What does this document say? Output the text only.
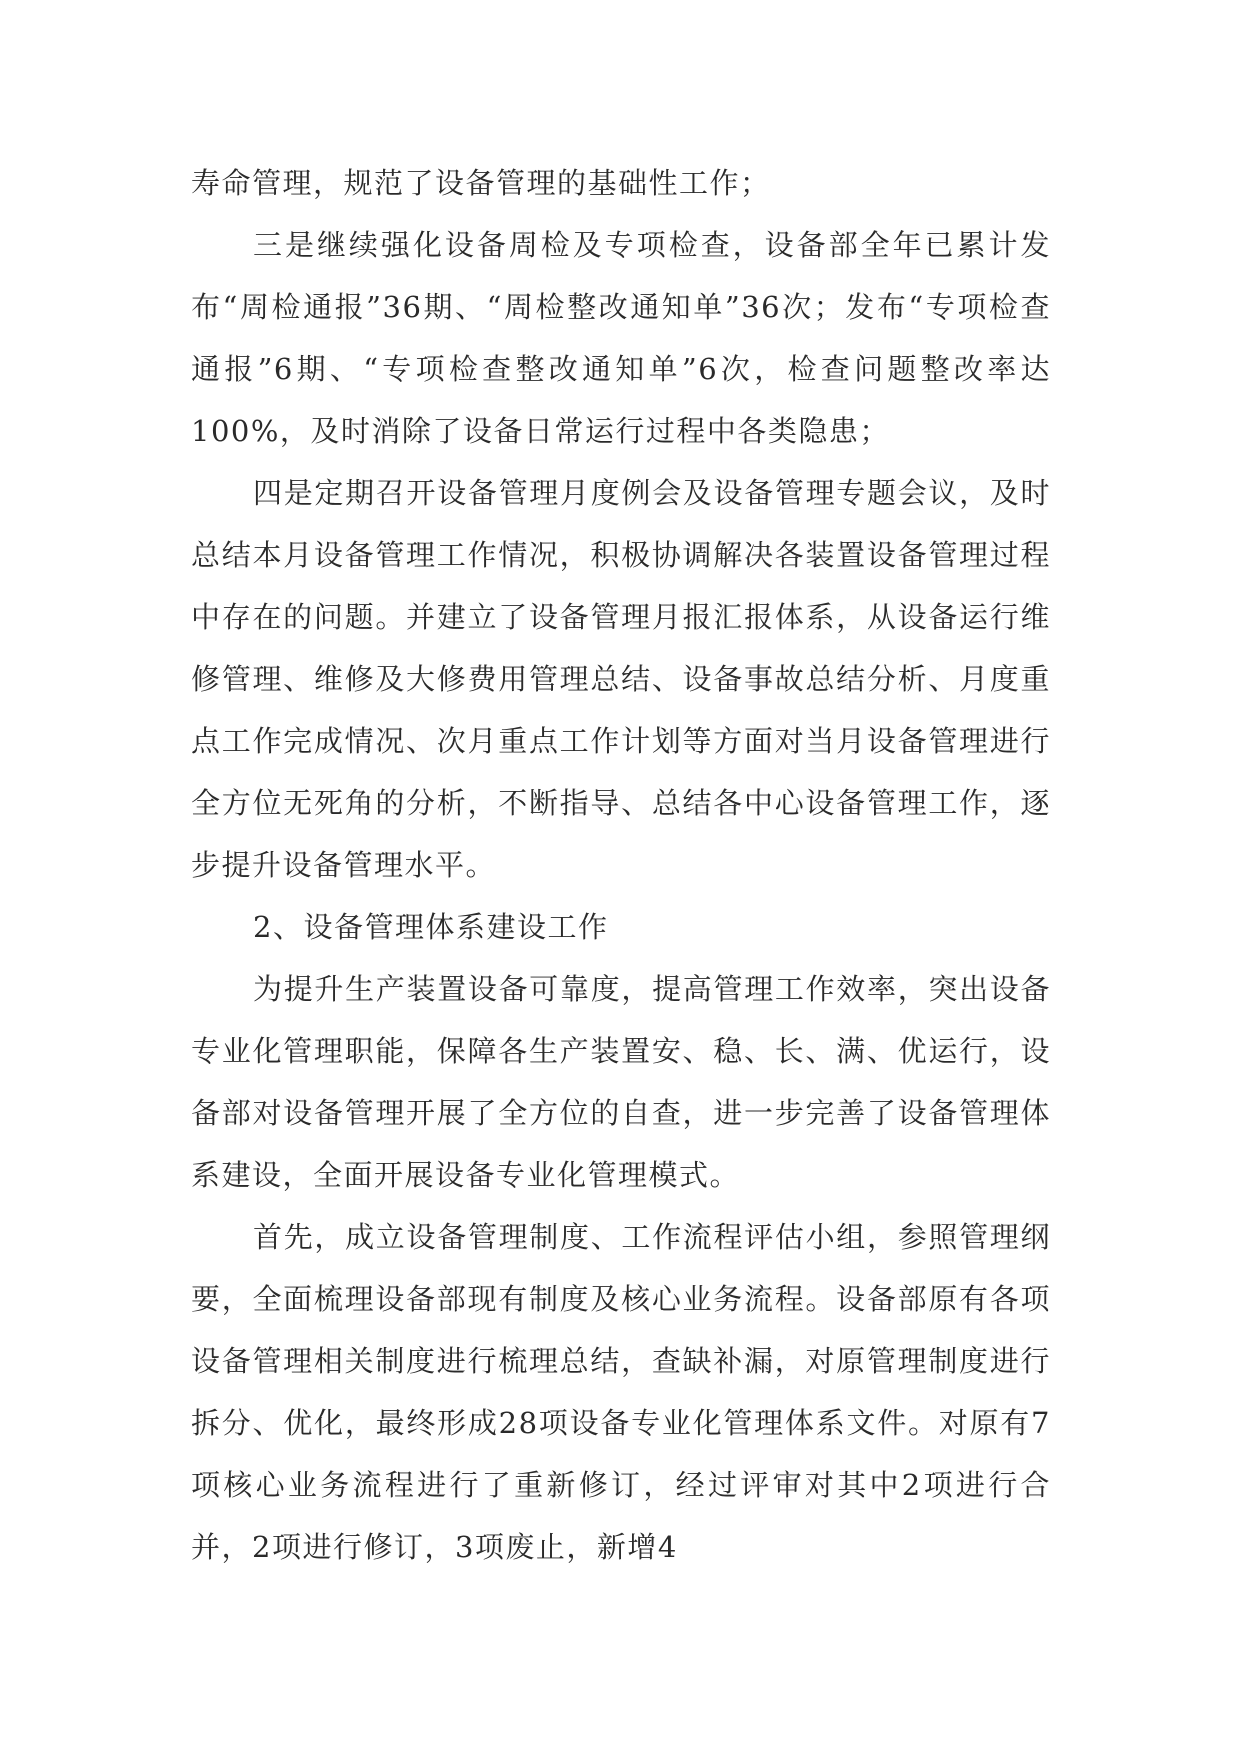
寿命管理，规范了设备管理的基础性工作；

三是继续强化设备周检及专项检查，设备部全年已累计发布“周检通报”36期、“周检整改通知单”36次；发布“专项检查通报”6期、“专项检查整改通知单”6次，检查问题整改率达100%，及时消除了设备日常运行过程中各类隐患；

四是定期召开设备管理月度例会及设备管理专题会议，及时总结本月设备管理工作情况，积极协调解决各装置设备管理过程中存在的问题。并建立了设备管理月报汇报体系，从设备运行维修管理、维修及大修费用管理总结、设备事故总结分析、月度重点工作完成情况、次月重点工作计划等方面对当月设备管理进行全方位无死角的分析，不断指导、总结各中心设备管理工作，逐步提升设备管理水平。

2、设备管理体系建设工作

为提升生产装置设备可靠度，提高管理工作效率，突出设备专业化管理职能，保障各生产装置安、稳、长、满、优运行，设备部对设备管理开展了全方位的自查，进一步完善了设备管理体系建设，全面开展设备专业化管理模式。

首先，成立设备管理制度、工作流程评估小组，参照管理纲要，全面梳理设备部现有制度及核心业务流程。设备部原有各项设备管理相关制度进行梳理总结，查缺补漏，对原管理制度进行拆分、优化，最终形成28项设备专业化管理体系文件。对原有7项核心业务流程进行了重新修订，经过评审对其中2项进行合并，2项进行修订，3项废止，新增4
